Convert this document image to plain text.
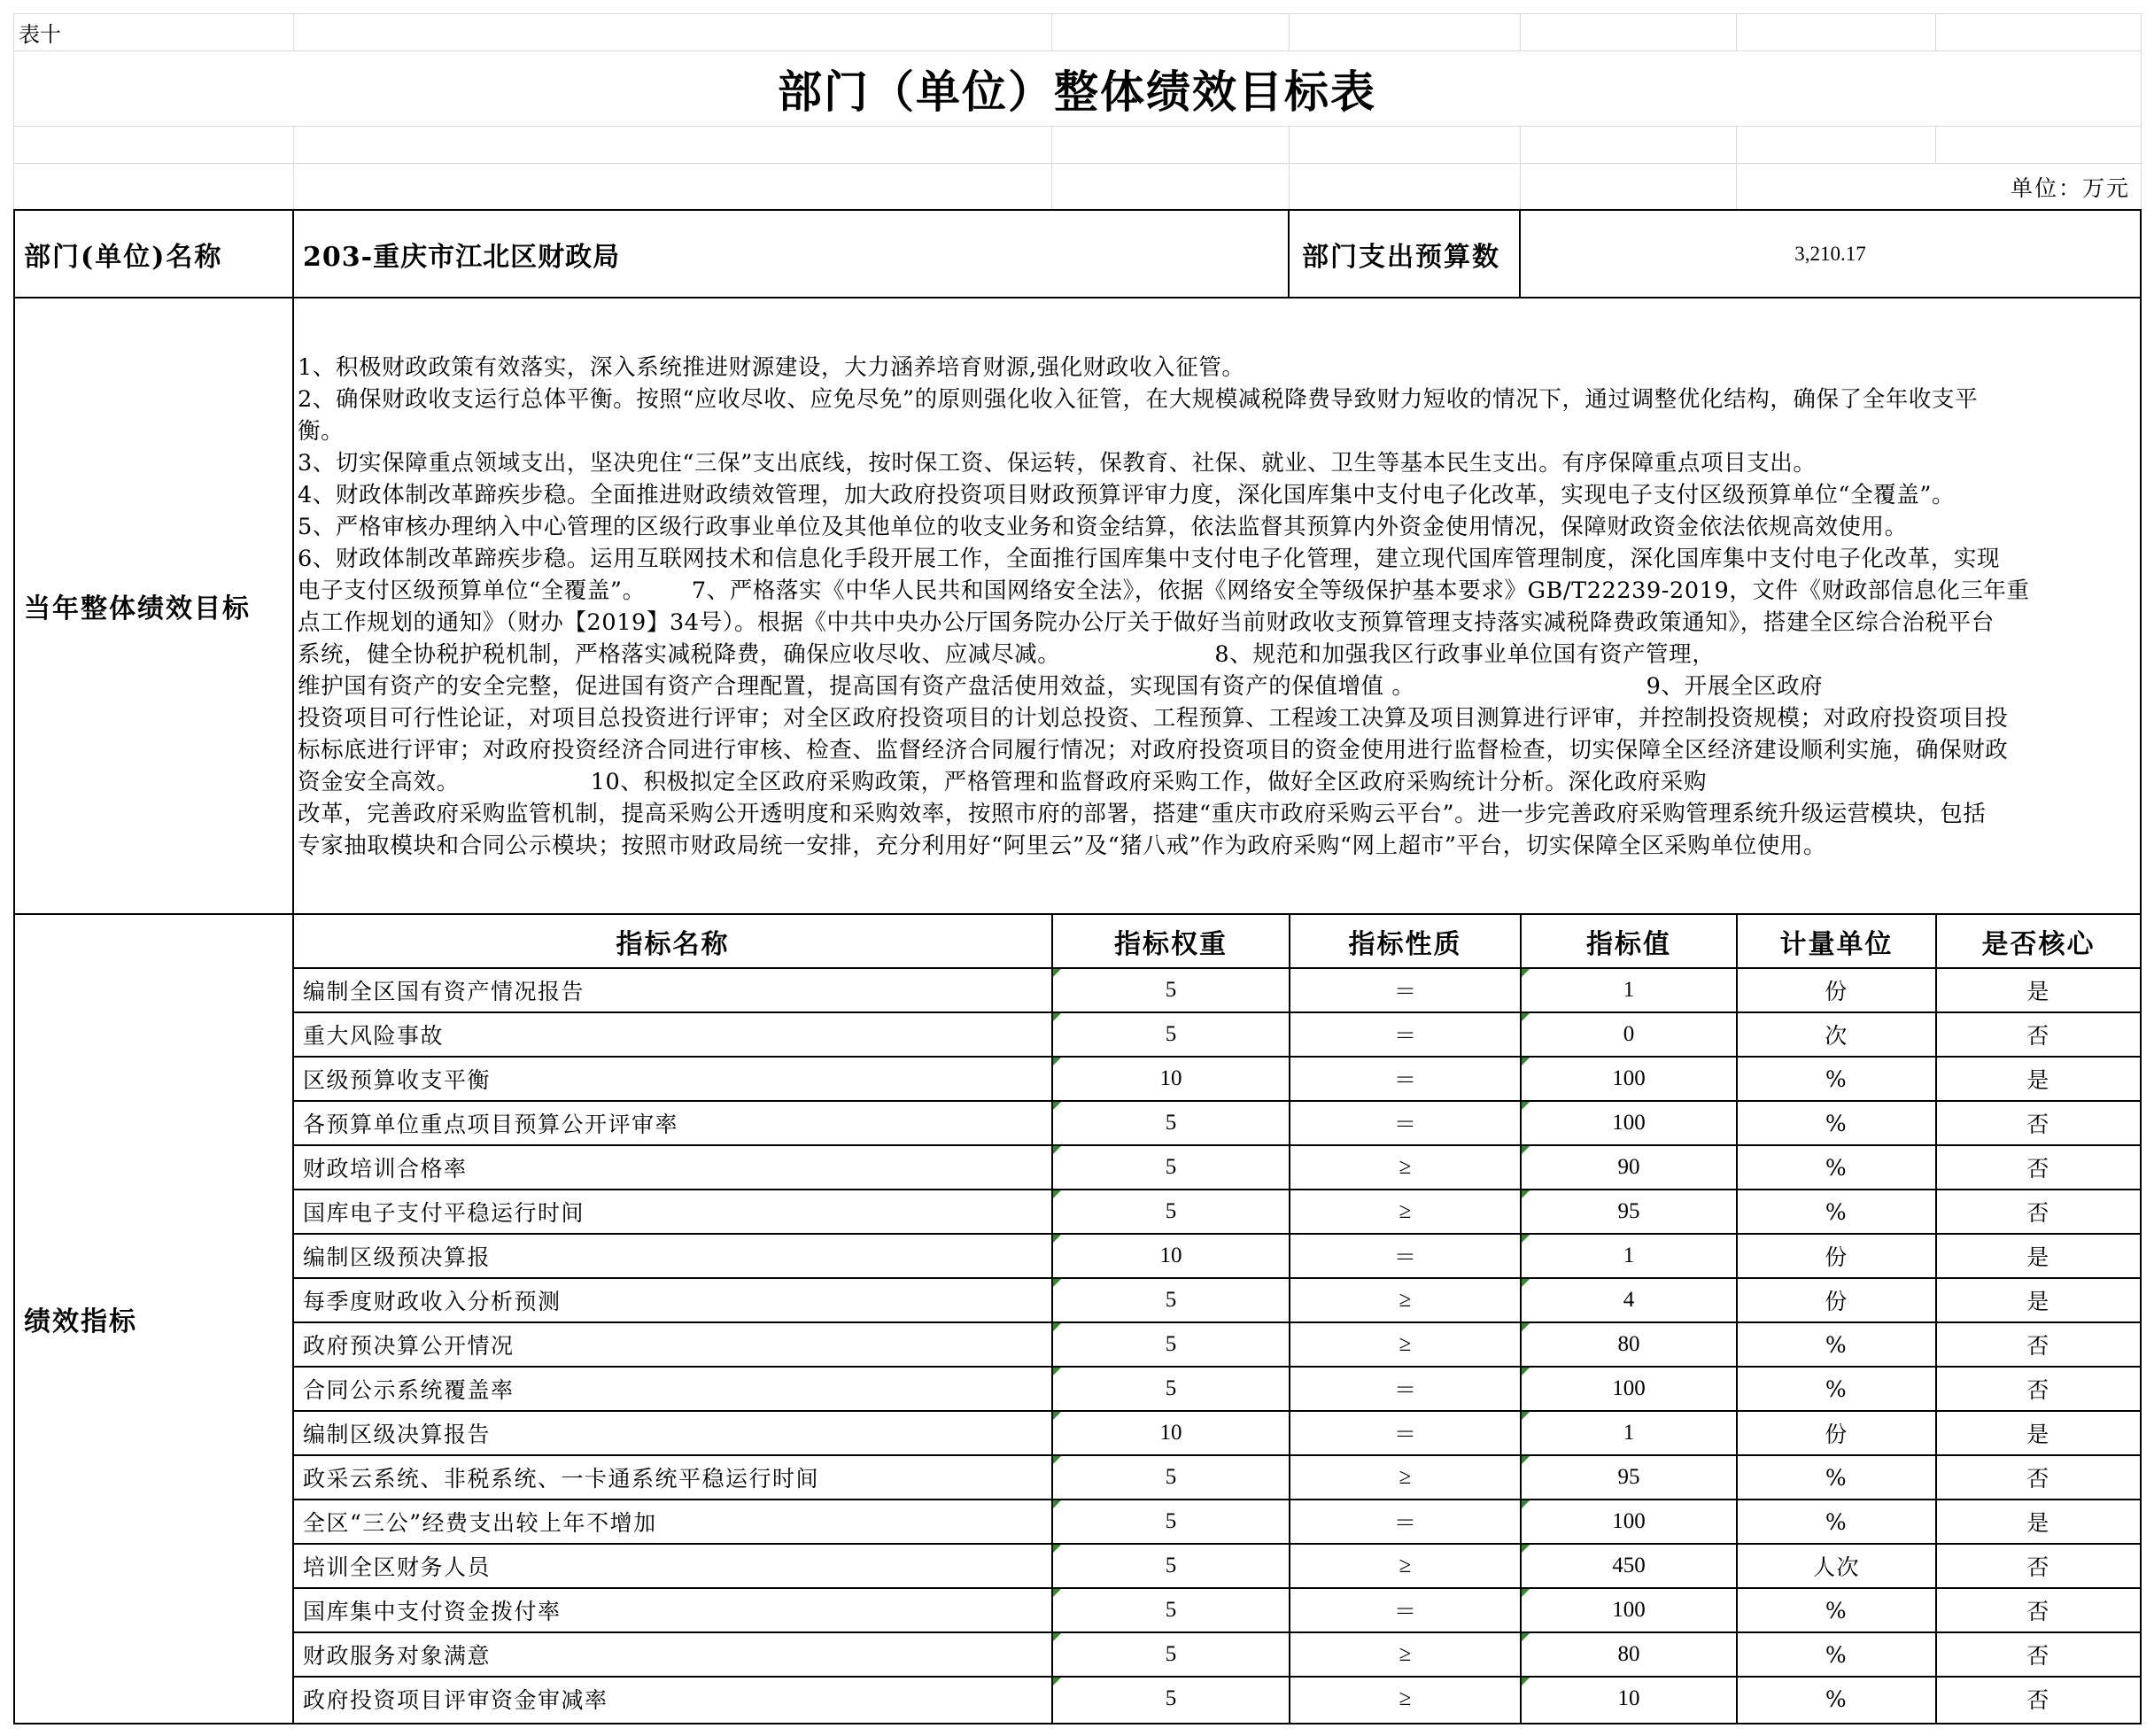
表十
部门（单位）整体绩效目标表
单位：万元
部门(单位)名称	203-重庆市江北区财政局	部门支出预算数	3,210.17
当年整体绩效目标
1、积极财政政策有效落实，深入系统推进财源建设，大力涵养培育财源,强化财政收入征管。
2、确保财政收支运行总体平衡。按照“应收尽收、应免尽免”的原则强化收入征管，在大规模减税降费导致财力短收的情况下，通过调整优化结构，确保了全年收支平
衡。
3、切实保障重点领域支出，坚决兜住“三保”支出底线，按时保工资、保运转，保教育、社保、就业、卫生等基本民生支出。有序保障重点项目支出。
4、财政体制改革蹄疾步稳。全面推进财政绩效管理，加大政府投资项目财政预算评审力度，深化国库集中支付电子化改革，实现电子支付区级预算单位“全覆盖”。
5、严格审核办理纳入中心管理的区级行政事业单位及其他单位的收支业务和资金结算，依法监督其预算内外资金使用情况，保障财政资金依法依规高效使用。
6、财政体制改革蹄疾步稳。运用互联网技术和信息化手段开展工作，全面推行国库集中支付电子化管理，建立现代国库管理制度，深化国库集中支付电子化改革，实现
电子支付区级预算单位“全覆盖”。      7、严格落实《中华人民共和国网络安全法》，依据《网络安全等级保护基本要求》GB/T22239-2019，文件《财政部信息化三年重
点工作规划的通知》（财办【2019】34号）。根据《中共中央办公厅国务院办公厅关于做好当前财政收支预算管理支持落实减税降费政策通知》，搭建全区综合治税平台
系统，健全协税护税机制，严格落实减税降费，确保应收尽收、应减尽减。                    8、规范和加强我区行政事业单位国有资产管理，
维护国有资产的安全完整，促进国有资产合理配置，提高国有资产盘活使用效益，实现国有资产的保值增值 。                              9、开展全区政府
投资项目可行性论证，对项目总投资进行评审；对全区政府投资项目的计划总投资、工程预算、工程竣工决算及项目测算进行评审，并控制投资规模；对政府投资项目投
标标底进行评审；对政府投资经济合同进行审核、检查、监督经济合同履行情况；对政府投资项目的资金使用进行监督检查，切实保障全区经济建设顺利实施，确保财政
资金安全高效。                 10、积极拟定全区政府采购政策，严格管理和监督政府采购工作，做好全区政府采购统计分析。深化政府采购
改革，完善政府采购监管机制，提高采购公开透明度和采购效率，按照市府的部署，搭建“重庆市政府采购云平台”。进一步完善政府采购管理系统升级运营模块，包括
专家抽取模块和合同公示模块；按照市财政局统一安排，充分利用好“阿里云”及“猪八戒”作为政府采购“网上超市”平台，切实保障全区采购单位使用。
绩效指标
指标名称	指标权重	指标性质	指标值	计量单位	是否核心
编制全区国有资产情况报告	5	＝	1	份	是
重大风险事故	5	＝	0	次	否
区级预算收支平衡	10	＝	100	%	是
各预算单位重点项目预算公开评审率	5	＝	100	%	否
财政培训合格率	5	≥	90	%	否
国库电子支付平稳运行时间	5	≥	95	%	否
编制区级预决算报	10	＝	1	份	是
每季度财政收入分析预测	5	≥	4	份	是
政府预决算公开情况	5	≥	80	%	否
合同公示系统覆盖率	5	＝	100	%	否
编制区级决算报告	10	＝	1	份	是
政采云系统、非税系统、一卡通系统平稳运行时间	5	≥	95	%	否
全区“三公”经费支出较上年不增加	5	＝	100	%	是
培训全区财务人员	5	≥	450	人次	否
国库集中支付资金拨付率	5	＝	100	%	否
财政服务对象满意	5	≥	80	%	否
政府投资项目评审资金审减率	5	≥	10	%	否
